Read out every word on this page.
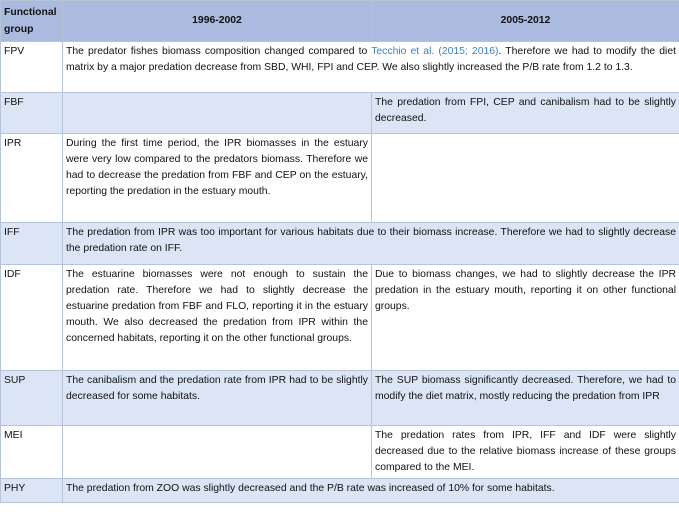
Functional group	1996-2002	2005-2012
FPV	The predator fishes biomass composition changed compared to Tecchio et al. (2015; 2016). Therefore we had to modify the diet matrix by a major predation decrease from SBD, WHI, FPI and CEP. We also slightly increased the P/B rate from 1.2 to 1.3.	
FBF		The predation from FPI, CEP and canibalism had to be slightly decreased.
IPR	During the first time period, the IPR biomasses in the estuary were very low compared to the predators biomass. Therefore we had to decrease the predation from FBF and CEP on the estuary, reporting the predation in the estuary mouth.	
IFF	The predation from IPR was too important for various habitats due to their biomass increase. Therefore we had to slightly decrease the predation rate on IFF.	
IDF	The estuarine biomasses were not enough to sustain the predation rate. Therefore we had to slightly decrease the estuarine predation from FBF and FLO, reporting it in the estuary mouth. We also decreased the predation from IPR within the concerned habitats, reporting it on the other functional groups.	Due to biomass changes, we had to slightly decrease the IPR predation in the estuary mouth, reporting it on other functional groups.
SUP	The canibalism and the predation rate from IPR had to be slightly decreased for some habitats.	The SUP biomass significantly decreased. Therefore, we had to modify the diet matrix, mostly reducing the predation from IPR
MEI		The predation rates from IPR, IFF and IDF were slightly decreased due to the relative biomass increase of these groups compared to the MEI.
PHY	The predation from ZOO was slightly decreased and the P/B rate was increased of 10% for some habitats.	
